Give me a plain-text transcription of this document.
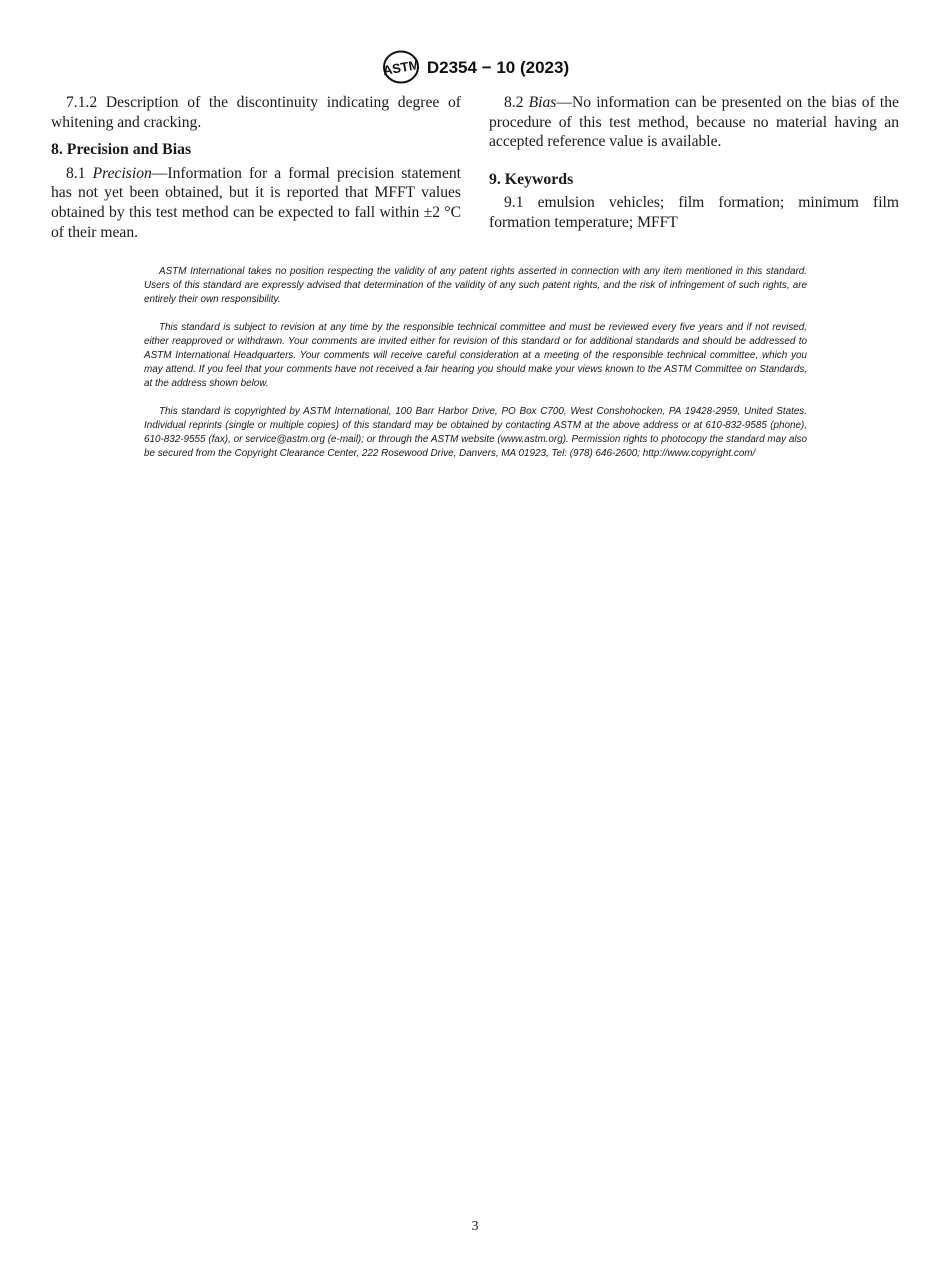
ASTM D2354 − 10 (2023)

7.1.2 Description of the discontinuity indicating degree of whitening and cracking.

8. Precision and Bias

8.1 Precision—Information for a formal precision statement has not yet been obtained, but it is reported that MFFT values obtained by this test method can be expected to fall within ±2 °C of their mean.

8.2 Bias—No information can be presented on the bias of the procedure of this test method, because no material having an accepted reference value is available.

9. Keywords

9.1 emulsion vehicles; film formation; minimum film formation temperature; MFFT

ASTM International takes no position respecting the validity of any patent rights asserted in connection with any item mentioned in this standard. Users of this standard are expressly advised that determination of the validity of any such patent rights, and the risk of infringement of such rights, are entirely their own responsibility.

This standard is subject to revision at any time by the responsible technical committee and must be reviewed every five years and if not revised, either reapproved or withdrawn. Your comments are invited either for revision of this standard or for additional standards and should be addressed to ASTM International Headquarters. Your comments will receive careful consideration at a meeting of the responsible technical committee, which you may attend. If you feel that your comments have not received a fair hearing you should make your views known to the ASTM Committee on Standards, at the address shown below.

This standard is copyrighted by ASTM International, 100 Barr Harbor Drive, PO Box C700, West Conshohocken, PA 19428-2959, United States. Individual reprints (single or multiple copies) of this standard may be obtained by contacting ASTM at the above address or at 610-832-9585 (phone), 610-832-9555 (fax), or service@astm.org (e-mail); or through the ASTM website (www.astm.org). Permission rights to photocopy the standard may also be secured from the Copyright Clearance Center, 222 Rosewood Drive, Danvers, MA 01923, Tel: (978) 646-2600; http://www.copyright.com/

3
